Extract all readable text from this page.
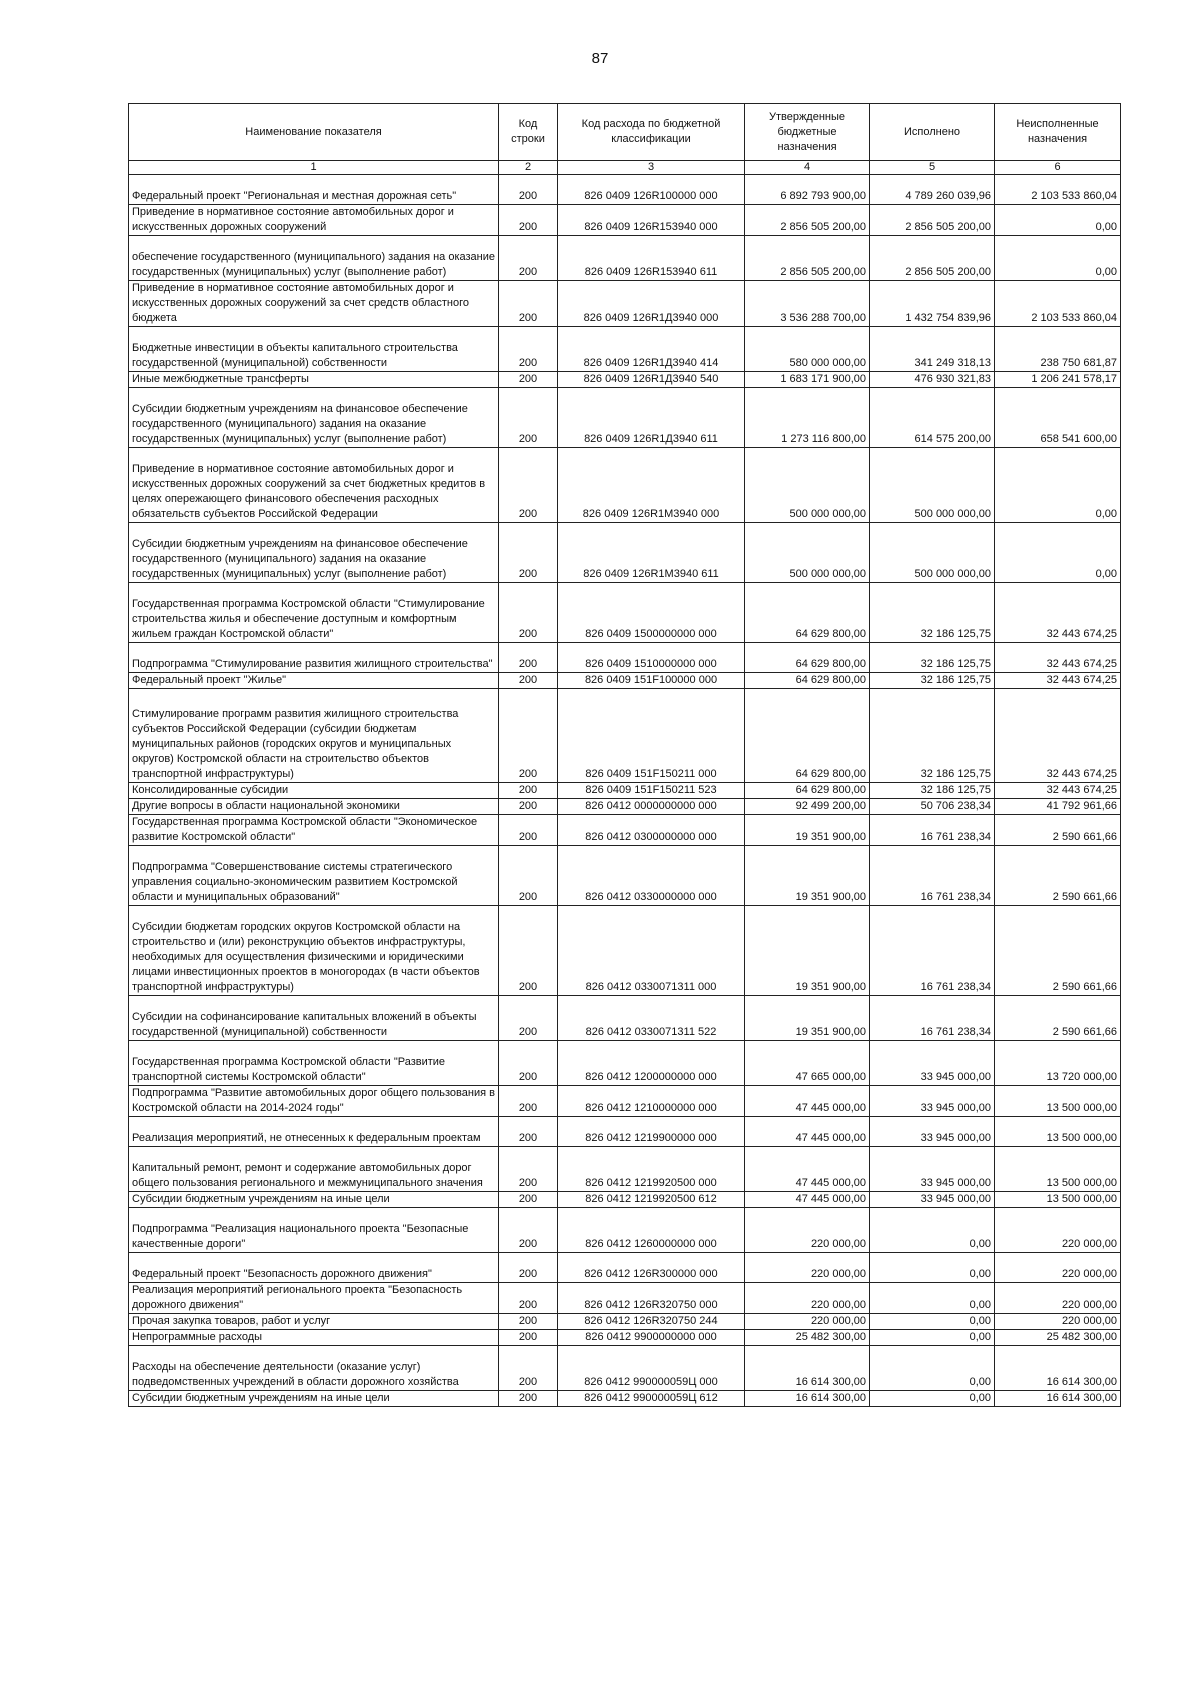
87
Наименование показателя	Код строки	Код расхода по бюджетной классификации	Утвержденные бюджетные назначения	Исполнено	Неисполненные назначения
1	2	3	4	5	6
Федеральный проект "Региональная и местная дорожная сеть"	200	826 0409 126R100000 000	6 892 793 900,00	4 789 260 039,96	2 103 533 860,04
Приведение в нормативное состояние автомобильных дорог и искусственных дорожных сооружений	200	826 0409 126R153940 000	2 856 505 200,00	2 856 505 200,00	0,00
обеспечение государственного (муниципального) задания на оказание государственных (муниципальных) услуг (выполнение работ)	200	826 0409 126R153940 611	2 856 505 200,00	2 856 505 200,00	0,00
Приведение в нормативное состояние автомобильных дорог и искусственных дорожных сооружений за счет средств областного бюджета	200	826 0409 126R1Д3940 000	3 536 288 700,00	1 432 754 839,96	2 103 533 860,04
Бюджетные инвестиции в объекты капитального строительства государственной (муниципальной) собственности	200	826 0409 126R1Д3940 414	580 000 000,00	341 249 318,13	238 750 681,87
Иные межбюджетные трансферты	200	826 0409 126R1Д3940 540	1 683 171 900,00	476 930 321,83	1 206 241 578,17
Субсидии бюджетным учреждениям на финансовое обеспечение государственного (муниципального) задания на оказание государственных (муниципальных) услуг (выполнение работ)	200	826 0409 126R1Д3940 611	1 273 116 800,00	614 575 200,00	658 541 600,00
Приведение в нормативное состояние автомобильных дорог и искусственных дорожных сооружений за счет бюджетных кредитов в целях опережающего финансового обеспечения расходных обязательств субъектов Российской Федерации	200	826 0409 126R1М3940 000	500 000 000,00	500 000 000,00	0,00
Субсидии бюджетным учреждениям на финансовое обеспечение государственного (муниципального) задания на оказание государственных (муниципальных) услуг (выполнение работ)	200	826 0409 126R1М3940 611	500 000 000,00	500 000 000,00	0,00
Государственная программа Костромской области "Стимулирование строительства жилья и обеспечение доступным и комфортным жильем граждан Костромской области"	200	826 0409 1500000000 000	64 629 800,00	32 186 125,75	32 443 674,25
Подпрограмма "Стимулирование развития жилищного строительства"	200	826 0409 1510000000 000	64 629 800,00	32 186 125,75	32 443 674,25
Федеральный проект "Жилье"	200	826 0409 151F100000 000	64 629 800,00	32 186 125,75	32 443 674,25
Стимулирование программ развития жилищного строительства субъектов Российской Федерации (субсидии бюджетам муниципальных районов (городских округов и муниципальных округов) Костромской области на строительство объектов транспортной инфраструктуры)	200	826 0409 151F150211 000	64 629 800,00	32 186 125,75	32 443 674,25
Консолидированные субсидии	200	826 0409 151F150211 523	64 629 800,00	32 186 125,75	32 443 674,25
Другие вопросы в области национальной экономики	200	826 0412 0000000000 000	92 499 200,00	50 706 238,34	41 792 961,66
Государственная программа Костромской области "Экономическое развитие Костромской области"	200	826 0412 0300000000 000	19 351 900,00	16 761 238,34	2 590 661,66
Подпрограмма "Совершенствование системы стратегического управления социально-экономическим развитием Костромской области и муниципальных образований"	200	826 0412 0330000000 000	19 351 900,00	16 761 238,34	2 590 661,66
Субсидии бюджетам городских округов Костромской области на строительство и (или) реконструкцию объектов инфраструктуры, необходимых для осуществления физическими и юридическими лицами инвестиционных проектов в моногородах (в части объектов транспортной инфраструктуры)	200	826 0412 0330071311 000	19 351 900,00	16 761 238,34	2 590 661,66
Субсидии на софинансирование капитальных вложений в объекты государственной (муниципальной) собственности	200	826 0412 0330071311 522	19 351 900,00	16 761 238,34	2 590 661,66
Государственная программа Костромской области "Развитие транспортной системы Костромской области"	200	826 0412 1200000000 000	47 665 000,00	33 945 000,00	13 720 000,00
Подпрограмма "Развитие автомобильных дорог общего пользования в Костромской области на 2014-2024 годы"	200	826 0412 1210000000 000	47 445 000,00	33 945 000,00	13 500 000,00
Реализация мероприятий, не отнесенных к федеральным проектам	200	826 0412 1219900000 000	47 445 000,00	33 945 000,00	13 500 000,00
Капитальный ремонт, ремонт и содержание автомобильных дорог общего пользования регионального и межмуниципального значения	200	826 0412 1219920500 000	47 445 000,00	33 945 000,00	13 500 000,00
Субсидии бюджетным учреждениям на иные цели	200	826 0412 1219920500 612	47 445 000,00	33 945 000,00	13 500 000,00
Подпрограмма "Реализация национального проекта "Безопасные качественные дороги"	200	826 0412 1260000000 000	220 000,00	0,00	220 000,00
Федеральный проект "Безопасность дорожного движения"	200	826 0412 126R300000 000	220 000,00	0,00	220 000,00
Реализация мероприятий регионального проекта "Безопасность дорожного движения"	200	826 0412 126R320750 000	220 000,00	0,00	220 000,00
Прочая закупка товаров, работ и услуг	200	826 0412 126R320750 244	220 000,00	0,00	220 000,00
Непрограммные расходы	200	826 0412 9900000000 000	25 482 300,00	0,00	25 482 300,00
Расходы на обеспечение деятельности (оказание услуг) подведомственных учреждений в области дорожного хозяйства	200	826 0412 990000059Ц 000	16 614 300,00	0,00	16 614 300,00
Субсидии бюджетным учреждениям на иные цели	200	826 0412 990000059Ц 612	16 614 300,00	0,00	16 614 300,00
